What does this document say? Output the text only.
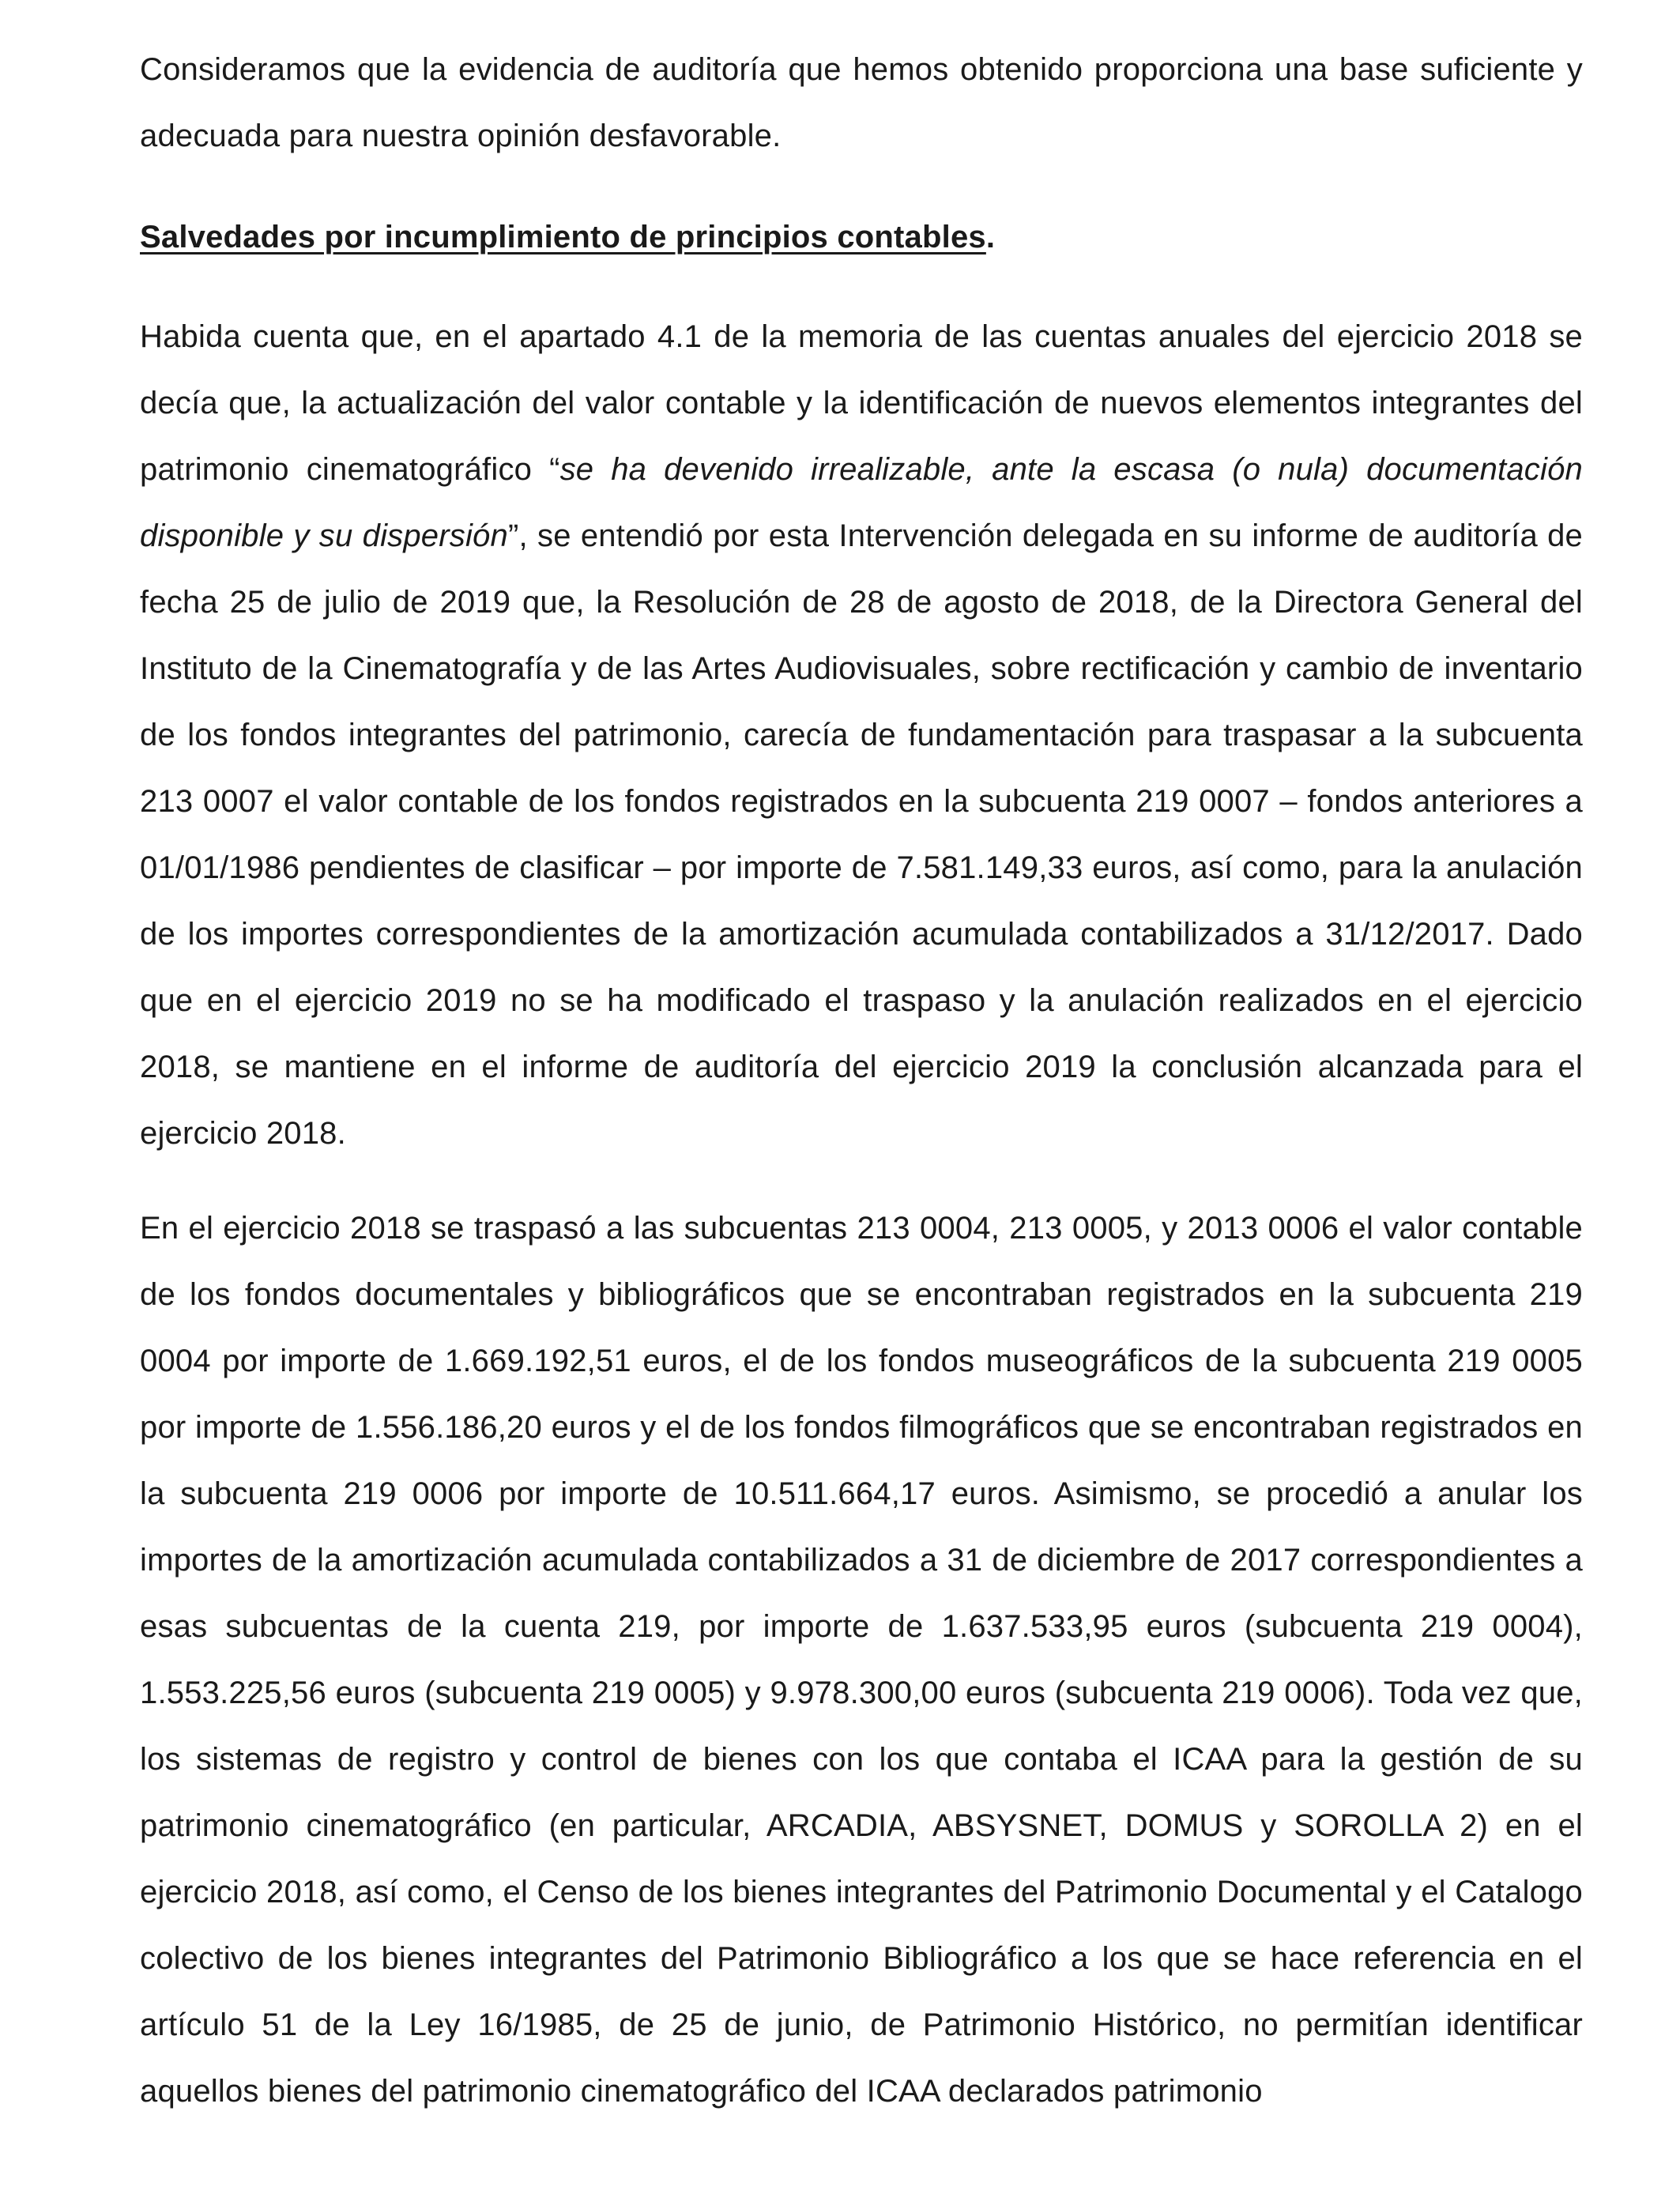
Consideramos que la evidencia de auditoría que hemos obtenido proporciona una base suficiente y adecuada para nuestra opinión desfavorable.

Salvedades por incumplimiento de principios contables.

Habida cuenta que, en el apartado 4.1 de la memoria de las cuentas anuales del ejercicio 2018 se decía que, la actualización del valor contable y la identificación de nuevos elementos integrantes del patrimonio cinematográfico “se ha devenido irrealizable, ante la escasa (o nula) documentación disponible y su dispersión”, se entendió por esta Intervención delegada en su informe de auditoría de fecha 25 de julio de 2019 que, la Resolución de 28 de agosto de 2018, de la Directora General del Instituto de la Cinematografía y de las Artes Audiovisuales, sobre rectificación y cambio de inventario de los fondos integrantes del patrimonio, carecía de fundamentación para traspasar a la subcuenta 213 0007 el valor contable de los fondos registrados en la subcuenta 219 0007 – fondos anteriores a 01/01/1986 pendientes de clasificar – por importe de 7.581.149,33 euros, así como, para la anulación de los importes correspondientes de la amortización acumulada contabilizados a 31/12/2017. Dado que en el ejercicio 2019 no se ha modificado el traspaso y la anulación realizados en el ejercicio 2018, se mantiene en el informe de auditoría del ejercicio 2019 la conclusión alcanzada para el ejercicio 2018.

En el ejercicio 2018 se traspasó a las subcuentas 213 0004, 213 0005, y 2013 0006 el valor contable de los fondos documentales y bibliográficos que se encontraban registrados en la subcuenta 219 0004 por importe de 1.669.192,51 euros, el de los fondos museográficos de la subcuenta 219 0005 por importe de 1.556.186,20 euros y el de los fondos filmográficos que se encontraban registrados en la subcuenta 219 0006 por importe de 10.511.664,17 euros. Asimismo, se procedió a anular los importes de la amortización acumulada contabilizados a 31 de diciembre de 2017 correspondientes a esas subcuentas de la cuenta 219, por importe de 1.637.533,95 euros (subcuenta 219 0004), 1.553.225,56 euros (subcuenta 219 0005) y 9.978.300,00 euros (subcuenta 219 0006). Toda vez que, los sistemas de registro y control de bienes con los que contaba el ICAA para la gestión de su patrimonio cinematográfico (en particular, ARCADIA, ABSYSNET, DOMUS y SOROLLA 2) en el ejercicio 2018, así como, el Censo de los bienes integrantes del Patrimonio Documental y el Catalogo colectivo de los bienes integrantes del Patrimonio Bibliográfico a los que se hace referencia en el artículo 51 de la Ley 16/1985, de 25 de junio, de Patrimonio Histórico, no permitían identificar aquellos bienes del patrimonio cinematográfico del ICAA declarados patrimonio
